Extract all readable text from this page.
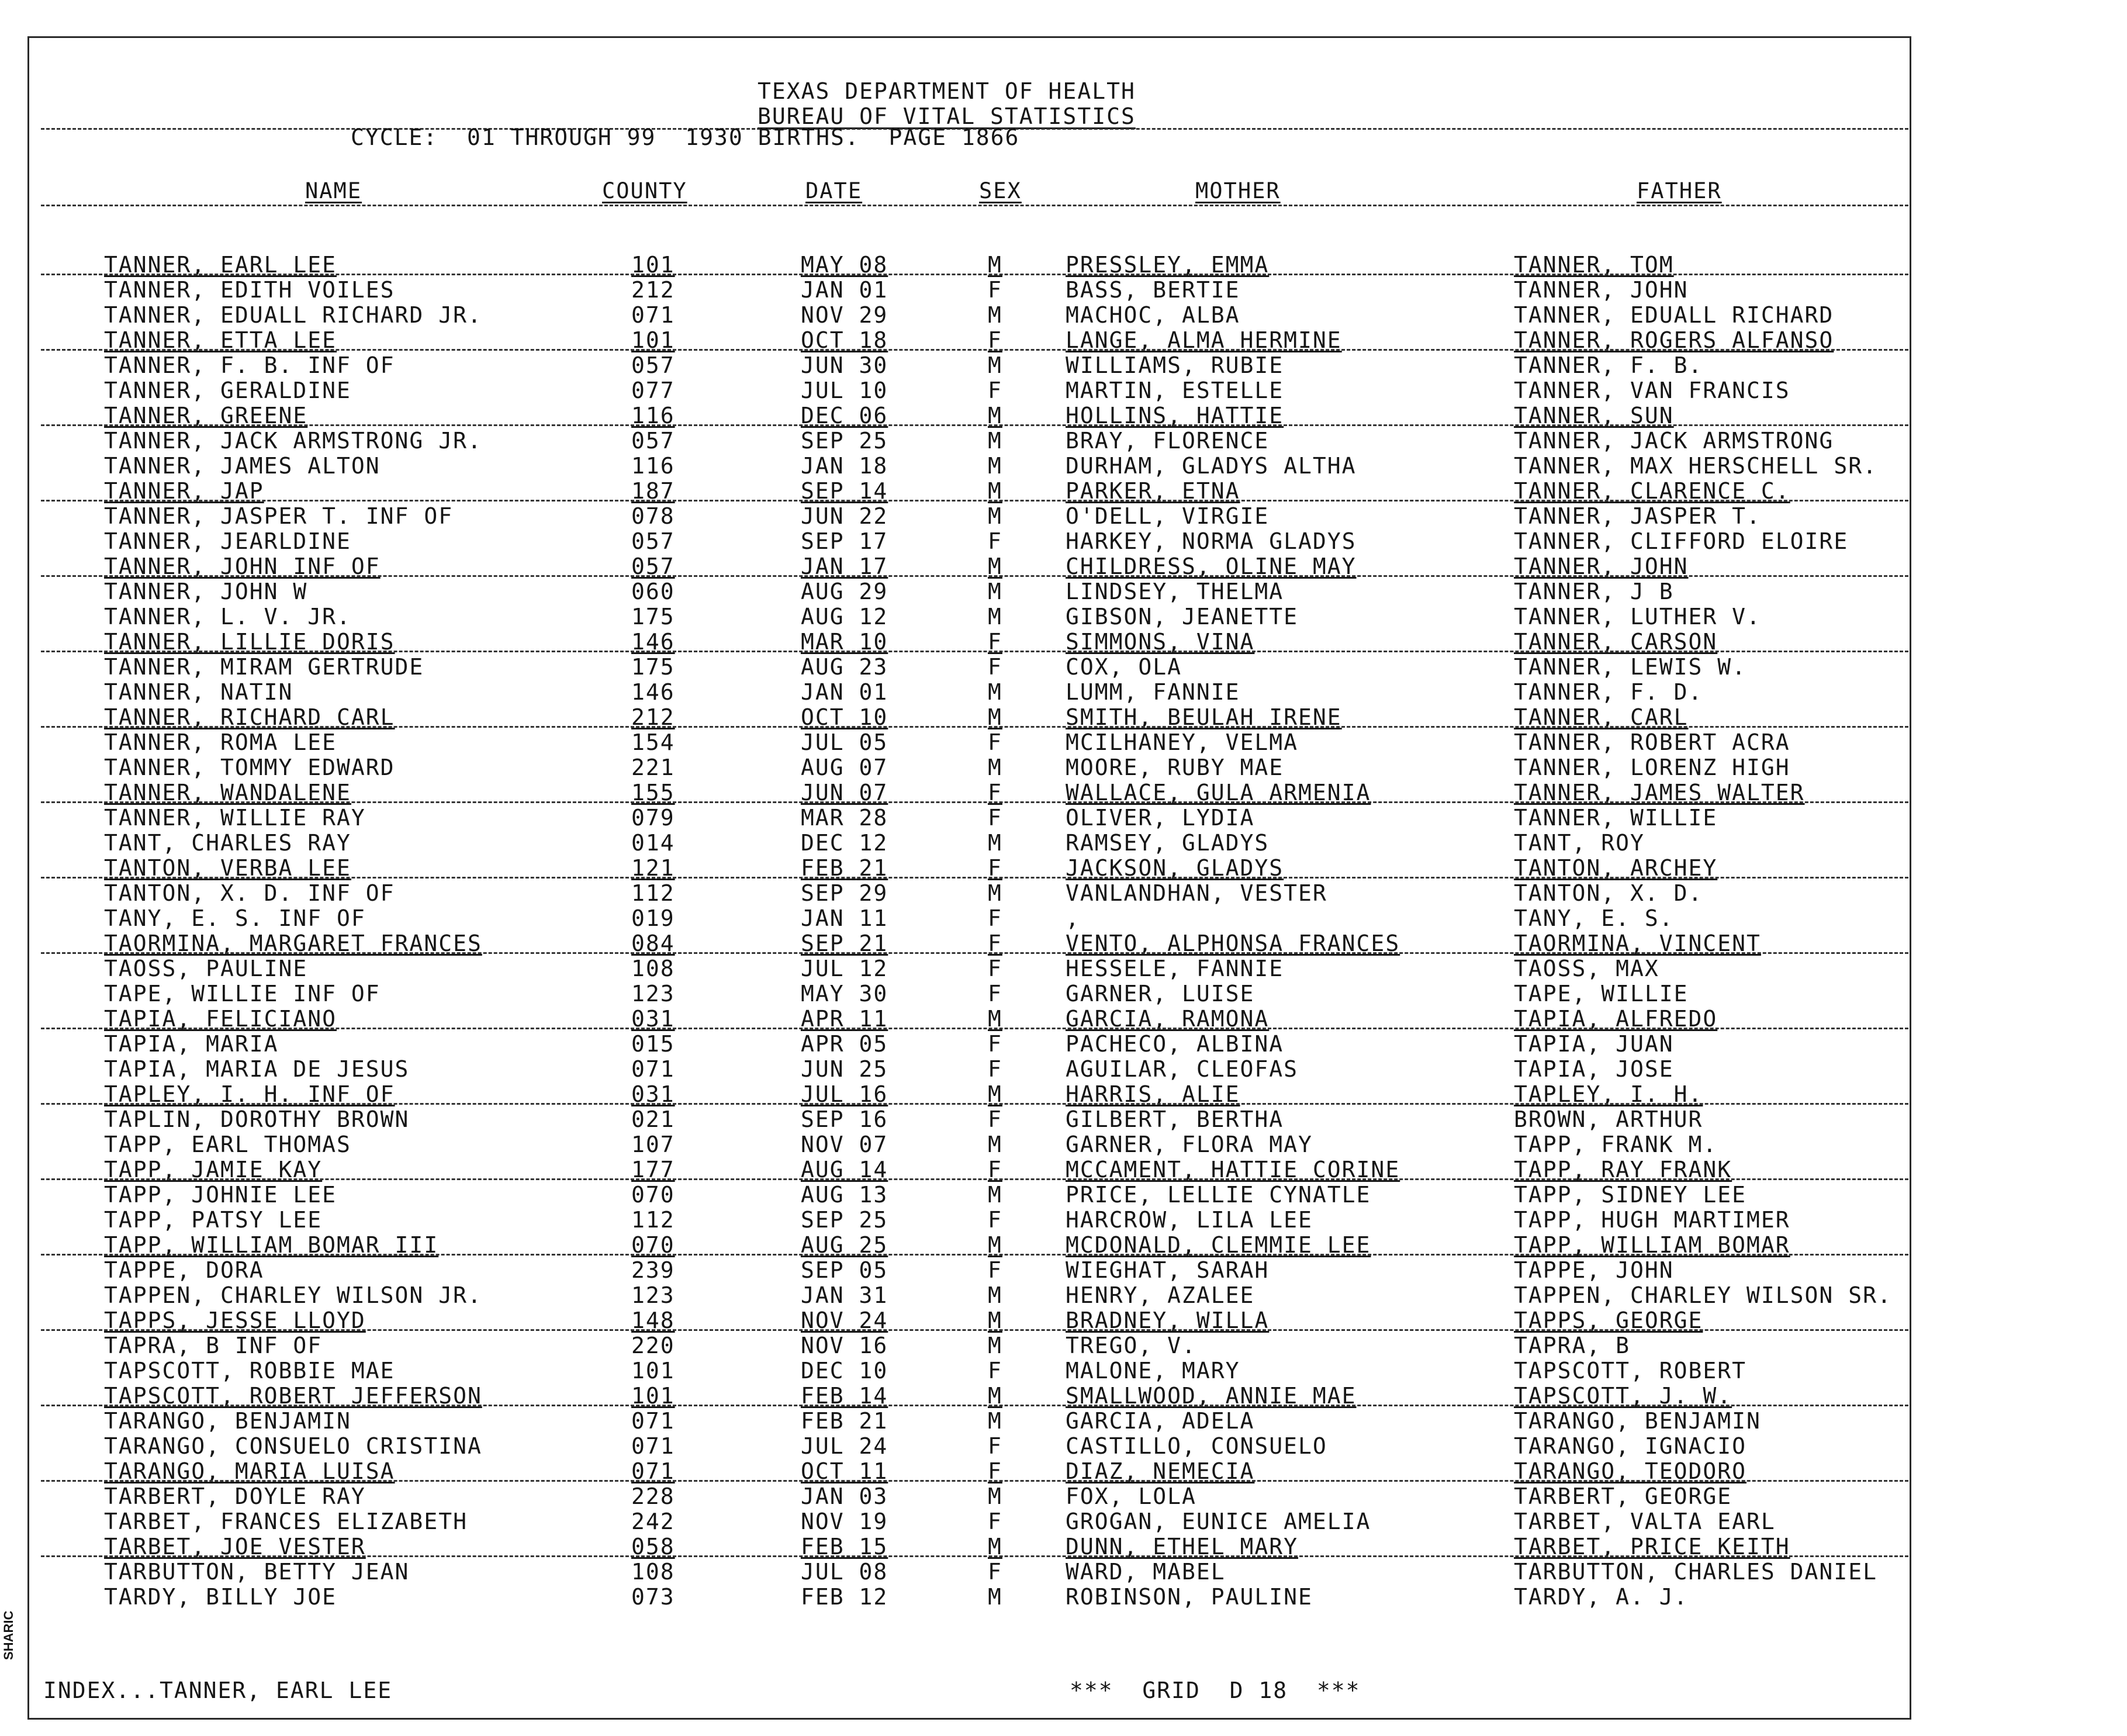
TEXAS DEPARTMENT OF HEALTH
BUREAU OF VITAL STATISTICS
CYCLE:  01 THROUGH 99  1930 BIRTHS.  PAGE 1866
NAME	COUNTY	DATE	SEX	MOTHER	FATHER
TANNER, EARL LEE	101	MAY 08	M	PRESSLEY, EMMA	TANNER, TOM
TANNER, EDITH VOILES	212	JAN 01	F	BASS, BERTIE	TANNER, JOHN
TANNER, EDUALL RICHARD JR.	071	NOV 29	M	MACHOC, ALBA	TANNER, EDUALL RICHARD
TANNER, ETTA LEE	101	OCT 18	F	LANGE, ALMA HERMINE	TANNER, ROGERS ALFANSO
TANNER, F. B. INF OF	057	JUN 30	M	WILLIAMS, RUBIE	TANNER, F. B.
TANNER, GERALDINE	077	JUL 10	F	MARTIN, ESTELLE	TANNER, VAN FRANCIS
TANNER, GREENE	116	DEC 06	M	HOLLINS, HATTIE	TANNER, SUN
TANNER, JACK ARMSTRONG JR.	057	SEP 25	M	BRAY, FLORENCE	TANNER, JACK ARMSTRONG
TANNER, JAMES ALTON	116	JAN 18	M	DURHAM, GLADYS ALTHA	TANNER, MAX HERSCHELL SR.
TANNER, JAP	187	SEP 14	M	PARKER, ETNA	TANNER, CLARENCE C.
TANNER, JASPER T. INF OF	078	JUN 22	M	O'DELL, VIRGIE	TANNER, JASPER T.
TANNER, JEARLDINE	057	SEP 17	F	HARKEY, NORMA GLADYS	TANNER, CLIFFORD ELOIRE
TANNER, JOHN INF OF	057	JAN 17	M	CHILDRESS, OLINE MAY	TANNER, JOHN
TANNER, JOHN W	060	AUG 29	M	LINDSEY, THELMA	TANNER, J B
TANNER, L. V. JR.	175	AUG 12	M	GIBSON, JEANETTE	TANNER, LUTHER V.
TANNER, LILLIE DORIS	146	MAR 10	F	SIMMONS, VINA	TANNER, CARSON
TANNER, MIRAM GERTRUDE	175	AUG 23	F	COX, OLA	TANNER, LEWIS W.
TANNER, NATIN	146	JAN 01	M	LUMM, FANNIE	TANNER, F. D.
TANNER, RICHARD CARL	212	OCT 10	M	SMITH, BEULAH IRENE	TANNER, CARL
TANNER, ROMA LEE	154	JUL 05	F	MCILHANEY, VELMA	TANNER, ROBERT ACRA
TANNER, TOMMY EDWARD	221	AUG 07	M	MOORE, RUBY MAE	TANNER, LORENZ HIGH
TANNER, WANDALENE	155	JUN 07	F	WALLACE, GULA ARMENIA	TANNER, JAMES WALTER
TANNER, WILLIE RAY	079	MAR 28	F	OLIVER, LYDIA	TANNER, WILLIE
TANT, CHARLES RAY	014	DEC 12	M	RAMSEY, GLADYS	TANT, ROY
TANTON, VERBA LEE	121	FEB 21	F	JACKSON, GLADYS	TANTON, ARCHEY
TANTON, X. D. INF OF	112	SEP 29	M	VANLANDHAN, VESTER	TANTON, X. D.
TANY, E. S. INF OF	019	JAN 11	F	,	TANY, E. S.
TAORMINA, MARGARET FRANCES	084	SEP 21	F	VENTO, ALPHONSA FRANCES	TAORMINA, VINCENT
TAOSS, PAULINE	108	JUL 12	F	HESSELE, FANNIE	TAOSS, MAX
TAPE, WILLIE INF OF	123	MAY 30	F	GARNER, LUISE	TAPE, WILLIE
TAPIA, FELICIANO	031	APR 11	M	GARCIA, RAMONA	TAPIA, ALFREDO
TAPIA, MARIA	015	APR 05	F	PACHECO, ALBINA	TAPIA, JUAN
TAPIA, MARIA DE JESUS	071	JUN 25	F	AGUILAR, CLEOFAS	TAPIA, JOSE
TAPLEY, I. H. INF OF	031	JUL 16	M	HARRIS, ALIE	TAPLEY, I. H.
TAPLIN, DOROTHY BROWN	021	SEP 16	F	GILBERT, BERTHA	BROWN, ARTHUR
TAPP, EARL THOMAS	107	NOV 07	M	GARNER, FLORA MAY	TAPP, FRANK M.
TAPP, JAMIE KAY	177	AUG 14	F	MCCAMENT, HATTIE CORINE	TAPP, RAY FRANK
TAPP, JOHNIE LEE	070	AUG 13	M	PRICE, LELLIE CYNATLE	TAPP, SIDNEY LEE
TAPP, PATSY LEE	112	SEP 25	F	HARCROW, LILA LEE	TAPP, HUGH MARTIMER
TAPP, WILLIAM BOMAR III	070	AUG 25	M	MCDONALD, CLEMMIE LEE	TAPP, WILLIAM BOMAR
TAPPE, DORA	239	SEP 05	F	WIEGHAT, SARAH	TAPPE, JOHN
TAPPEN, CHARLEY WILSON JR.	123	JAN 31	M	HENRY, AZALEE	TAPPEN, CHARLEY WILSON SR.
TAPPS, JESSE LLOYD	148	NOV 24	M	BRADNEY, WILLA	TAPPS, GEORGE
TAPRA, B INF OF	220	NOV 16	M	TREGO, V.	TAPRA, B
TAPSCOTT, ROBBIE MAE	101	DEC 10	F	MALONE, MARY	TAPSCOTT, ROBERT
TAPSCOTT, ROBERT JEFFERSON	101	FEB 14	M	SMALLWOOD, ANNIE MAE	TAPSCOTT, J. W.
TARANGO, BENJAMIN	071	FEB 21	M	GARCIA, ADELA	TARANGO, BENJAMIN
TARANGO, CONSUELO CRISTINA	071	JUL 24	F	CASTILLO, CONSUELO	TARANGO, IGNACIO
TARANGO, MARIA LUISA	071	OCT 11	F	DIAZ, NEMECIA	TARANGO, TEODORO
TARBERT, DOYLE RAY	228	JAN 03	M	FOX, LOLA	TARBERT, GEORGE
TARBET, FRANCES ELIZABETH	242	NOV 19	F	GROGAN, EUNICE AMELIA	TARBET, VALTA EARL
TARBET, JOE VESTER	058	FEB 15	M	DUNN, ETHEL MARY	TARBET, PRICE KEITH
TARBUTTON, BETTY JEAN	108	JUL 08	F	WARD, MABEL	TARBUTTON, CHARLES DANIEL
TARDY, BILLY JOE	073	FEB 12	M	ROBINSON, PAULINE	TARDY, A. J.
INDEX...TANNER, EARL LEE	***  GRID  D 18  ***
SHARIC
